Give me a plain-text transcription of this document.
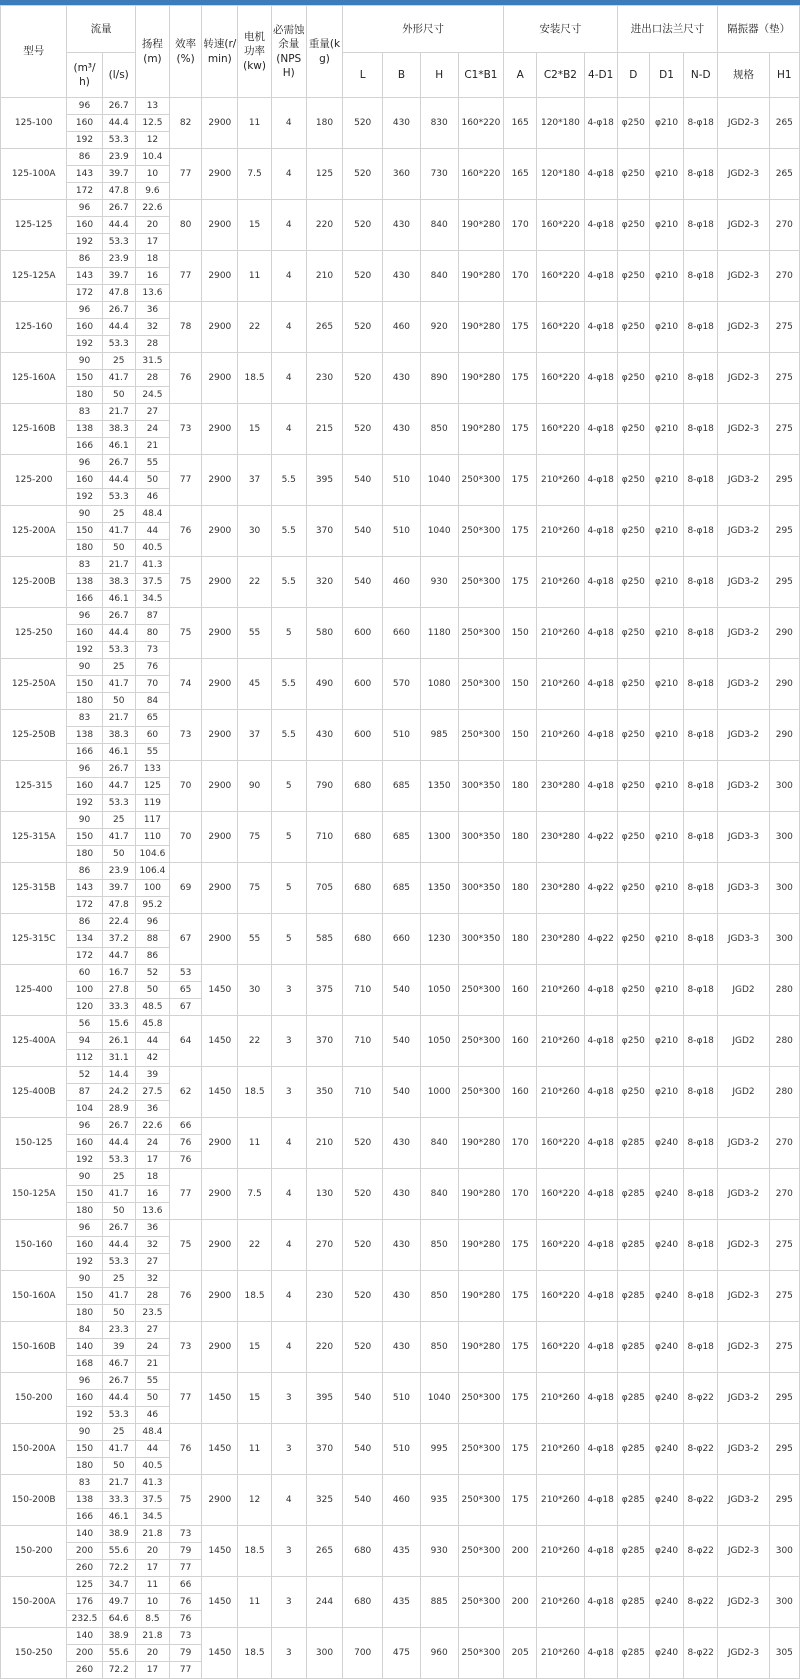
型号	流量		扬程(m)	效率(%)	转速(r/min)	电机功率(kw)	必需蚀余量(NPSH)	重量(kg)	外形尺寸				安装尺寸			进出口法兰尺寸			隔振器（垫）	
	(m³/h)	(l/s)							L	B	H	C1*B1	A	C2*B2	4-D1	D	D1	N-D	规格	H1
125-100	96	26.7	13	82	2900	11	4	180	520	430	830	160*220	165	120*180	4-φ18	φ250	φ210	8-φ18	JGD2-3	265
	160	44.4	12.5																	
	192	53.3	12																	
125-100A	86	23.9	10.4	77	2900	7.5	4	125	520	360	730	160*220	165	120*180	4-φ18	φ250	φ210	8-φ18	JGD2-3	265
	143	39.7	10																	
	172	47.8	9.6																	
125-125	96	26.7	22.6	80	2900	15	4	220	520	430	840	190*280	170	160*220	4-φ18	φ250	φ210	8-φ18	JGD2-3	270
	160	44.4	20																	
	192	53.3	17																	
125-125A	86	23.9	18	77	2900	11	4	210	520	430	840	190*280	170	160*220	4-φ18	φ250	φ210	8-φ18	JGD2-3	270
	143	39.7	16																	
	172	47.8	13.6																	
125-160	96	26.7	36	78	2900	22	4	265	520	460	920	190*280	175	160*220	4-φ18	φ250	φ210	8-φ18	JGD2-3	275
	160	44.4	32																	
	192	53.3	28																	
125-160A	90	25	31.5	76	2900	18.5	4	230	520	430	890	190*280	175	160*220	4-φ18	φ250	φ210	8-φ18	JGD2-3	275
	150	41.7	28																	
	180	50	24.5																	
125-160B	83	21.7	27	73	2900	15	4	215	520	430	850	190*280	175	160*220	4-φ18	φ250	φ210	8-φ18	JGD2-3	275
	138	38.3	24																	
	166	46.1	21																	
125-200	96	26.7	55	77	2900	37	5.5	395	540	510	1040	250*300	175	210*260	4-φ18	φ250	φ210	8-φ18	JGD3-2	295
	160	44.4	50																	
	192	53.3	46																	
125-200A	90	25	48.4	76	2900	30	5.5	370	540	510	1040	250*300	175	210*260	4-φ18	φ250	φ210	8-φ18	JGD3-2	295
	150	41.7	44																	
	180	50	40.5																	
125-200B	83	21.7	41.3	75	2900	22	5.5	320	540	460	930	250*300	175	210*260	4-φ18	φ250	φ210	8-φ18	JGD3-2	295
	138	38.3	37.5																	
	166	46.1	34.5																	
125-250	96	26.7	87	75	2900	55	5	580	600	660	1180	250*300	150	210*260	4-φ18	φ250	φ210	8-φ18	JGD3-2	290
	160	44.4	80																	
	192	53.3	73																	
125-250A	90	25	76	74	2900	45	5.5	490	600	570	1080	250*300	150	210*260	4-φ18	φ250	φ210	8-φ18	JGD3-2	290
	150	41.7	70																	
	180	50	84																	
125-250B	83	21.7	65	73	2900	37	5.5	430	600	510	985	250*300	150	210*260	4-φ18	φ250	φ210	8-φ18	JGD3-2	290
	138	38.3	60																	
	166	46.1	55																	
125-315	96	26.7	133	70	2900	90	5	790	680	685	1350	300*350	180	230*280	4-φ18	φ250	φ210	8-φ18	JGD3-2	300
	160	44.7	125																	
	192	53.3	119																	
125-315A	90	25	117	70	2900	75	5	710	680	685	1300	300*350	180	230*280	4-φ22	φ250	φ210	8-φ18	JGD3-3	300
	150	41.7	110																	
	180	50	104.6																	
125-315B	86	23.9	106.4	69	2900	75	5	705	680	685	1350	300*350	180	230*280	4-φ22	φ250	φ210	8-φ18	JGD3-3	300
	143	39.7	100																	
	172	47.8	95.2																	
125-315C	86	22.4	96	67	2900	55	5	585	680	660	1230	300*350	180	230*280	4-φ22	φ250	φ210	8-φ18	JGD3-3	300
	134	37.2	88																	
	172	44.7	86																	
125-400	60	16.7	52	53	1450	30	3	375	710	540	1050	250*300	160	210*260	4-φ18	φ250	φ210	8-φ18	JGD2	280
	100	27.8	50	65																
	120	33.3	48.5	67																
125-400A	56	15.6	45.8	64	1450	22	3	370	710	540	1050	250*300	160	210*260	4-φ18	φ250	φ210	8-φ18	JGD2	280
	94	26.1	44																	
	112	31.1	42																	
125-400B	52	14.4	39	62	1450	18.5	3	350	710	540	1000	250*300	160	210*260	4-φ18	φ250	φ210	8-φ18	JGD2	280
	87	24.2	27.5																	
	104	28.9	36																	
150-125	96	26.7	22.6	66	2900	11	4	210	520	430	840	190*280	170	160*220	4-φ18	φ285	φ240	8-φ18	JGD3-2	270
	160	44.4	24	76																
	192	53.3	17	76																
150-125A	90	25	18	77	2900	7.5	4	130	520	430	840	190*280	170	160*220	4-φ18	φ285	φ240	8-φ18	JGD3-2	270
	150	41.7	16																	
	180	50	13.6																	
150-160	96	26.7	36	75	2900	22	4	270	520	430	850	190*280	175	160*220	4-φ18	φ285	φ240	8-φ18	JGD2-3	275
	160	44.4	32																	
	192	53.3	27																	
150-160A	90	25	32	76	2900	18.5	4	230	520	430	850	190*280	175	160*220	4-φ18	φ285	φ240	8-φ18	JGD2-3	275
	150	41.7	28																	
	180	50	23.5																	
150-160B	84	23.3	27	73	2900	15	4	220	520	430	850	190*280	175	160*220	4-φ18	φ285	φ240	8-φ18	JGD2-3	275
	140	39	24																	
	168	46.7	21																	
150-200	96	26.7	55	77	1450	15	3	395	540	510	1040	250*300	175	210*260	4-φ18	φ285	φ240	8-φ22	JGD3-2	295
	160	44.4	50																	
	192	53.3	46																	
150-200A	90	25	48.4	76	1450	11	3	370	540	510	995	250*300	175	210*260	4-φ18	φ285	φ240	8-φ22	JGD3-2	295
	150	41.7	44																	
	180	50	40.5																	
150-200B	83	21.7	41.3	75	2900	12	4	325	540	460	935	250*300	175	210*260	4-φ18	φ285	φ240	8-φ22	JGD3-2	295
	138	33.3	37.5																	
	166	46.1	34.5																	
150-200	140	38.9	21.8	73	1450	18.5	3	265	680	435	930	250*300	200	210*260	4-φ18	φ285	φ240	8-φ22	JGD2-3	300
	200	55.6	20	79																
	260	72.2	17	77																
150-200A	125	34.7	11	66	1450	11	3	244	680	435	885	250*300	200	210*260	4-φ18	φ285	φ240	8-φ22	JGD2-3	300
	176	49.7	10	76																
	232.5	64.6	8.5	76																
150-250	140	38.9	21.8	73	1450	18.5	3	300	700	475	960	250*300	205	210*260	4-φ18	φ285	φ240	8-φ22	JGD2-3	305
	200	55.6	20	79																
	260	72.2	17	77																
